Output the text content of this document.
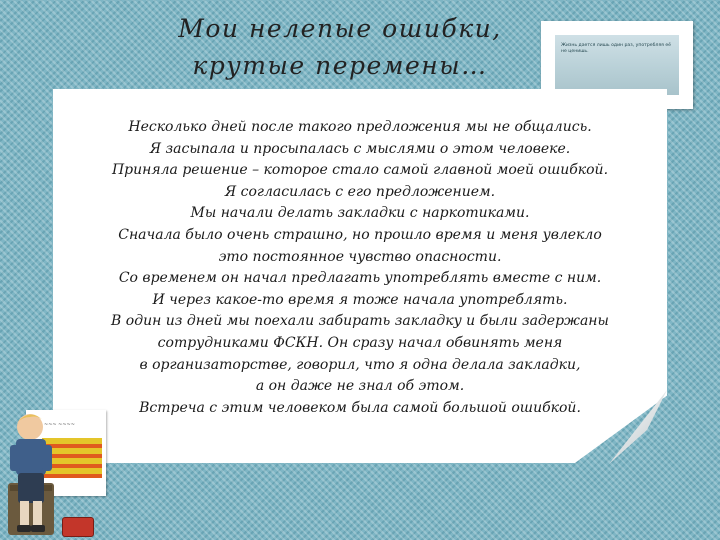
Мои нелепые ошибки,
крутые перемены…
Жизнь дается лишь один раз, употребляя её не ценишь.
Несколько дней после такого предложения мы не общались.
Я засыпала и просыпалась с мыслями о этом человеке.
Приняла решение – которое стало самой главной моей ошибкой.
Я согласилась с его предложением.
Мы начали делать закладки с наркотиками.
Сначала было очень страшно, но прошло время и меня увлекло
это постоянное чувство опасности.
Со временем он начал предлагать употреблять вместе с ним.
И через какое-то время я тоже начала употреблять.
В один из дней мы поехали забирать закладку и были задержаны
сотрудниками ФСКН. Он сразу начал обвинять меня
в организаторстве, говорил, что я одна делала закладки,
а он даже не знал об этом.
Встреча с этим человеком была самой большой ошибкой.
~~~ ~~~~
